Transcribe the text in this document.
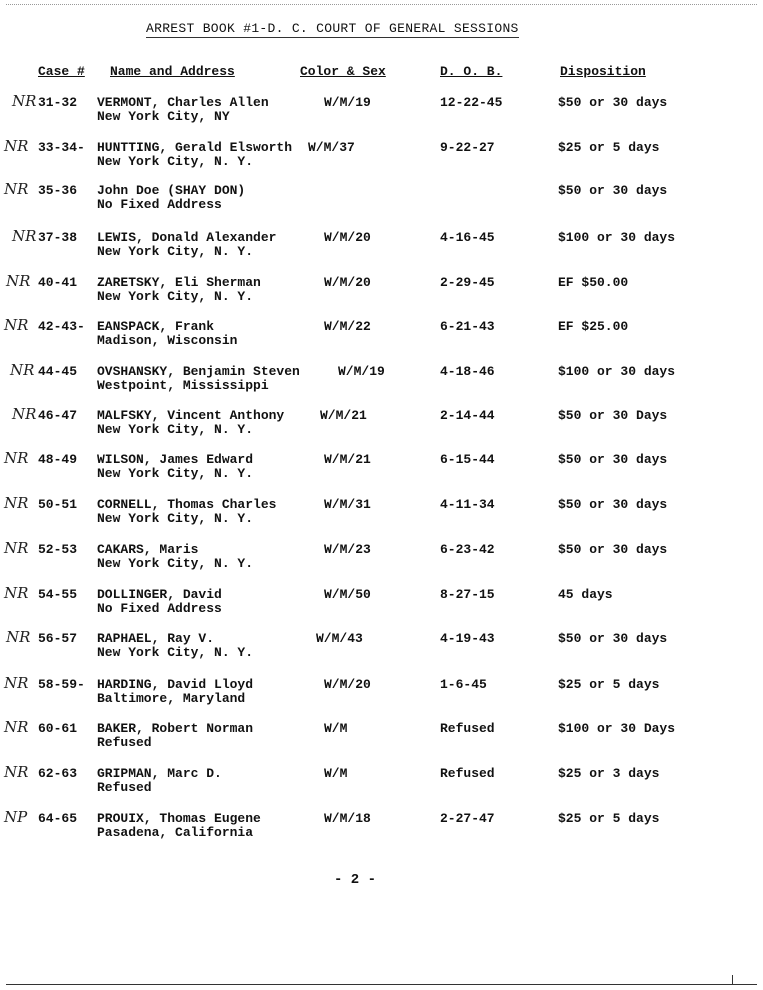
ARREST BOOK #1-D. C. COURT OF GENERAL SESSIONS
Case # Name and Address	Color & Sex	D. O. B.	Disposition
NR 31-32 VERMONT, Charles Allen
New York City, NY
W/M/19	12-22-45	$50 or 30 days
NR 33-34- HUNTTING, Gerald Elsworth
New York City, N. Y.
W/M/37	9-22-27	$25 or 5 days
NR 35-36 John Doe (SHAY DON)
No Fixed Address
$50 or 30 days
NR 37-38 LEWIS, Donald Alexander
New York City, N. Y.
W/M/20	4-16-45	$100 or 30 days
NR 40-41 ZARETSKY, Eli Sherman
New York City, N. Y.
W/M/20	2-29-45	EF $50.00
NR 42-43- EANSPACK, Frank
Madison, Wisconsin
W/M/22	6-21-43	EF $25.00
NR 44-45 OVSHANSKY, Benjamin Steven
Westpoint, Mississippi
W/M/19	4-18-46	$100 or 30 days
NR 46-47 MALFSKY, Vincent Anthony
New York City, N. Y.
W/M/21	2-14-44	$50 or 30 Days
NR 48-49 WILSON, James Edward
New York City, N. Y.
W/M/21	6-15-44	$50 or 30 days
NR 50-51 CORNELL, Thomas Charles
New York City, N. Y.
W/M/31	4-11-34	$50 or 30 days
NR 52-53 CAKARS, Maris
New York City, N. Y.
W/M/23	6-23-42	$50 or 30 days
NR 54-55 DOLLINGER, David
No Fixed Address
W/M/50	8-27-15	45 days
NR 56-57 RAPHAEL, Ray V.
New York City, N. Y.
W/M/43	4-19-43	$50 or 30 days
NR 58-59- HARDING, David Lloyd
Baltimore, Maryland
W/M/20	1-6-45	$25 or 5 days
NR 60-61 BAKER, Robert Norman
Refused
W/M	Refused	$100 or 30 Days
NR 62-63 GRIPMAN, Marc D.
Refused
W/M	Refused	$25 or 3 days
NP 64-65 PROUIX, Thomas Eugene
Pasadena, California
W/M/18	2-27-47	$25 or 5 days
- 2 -
